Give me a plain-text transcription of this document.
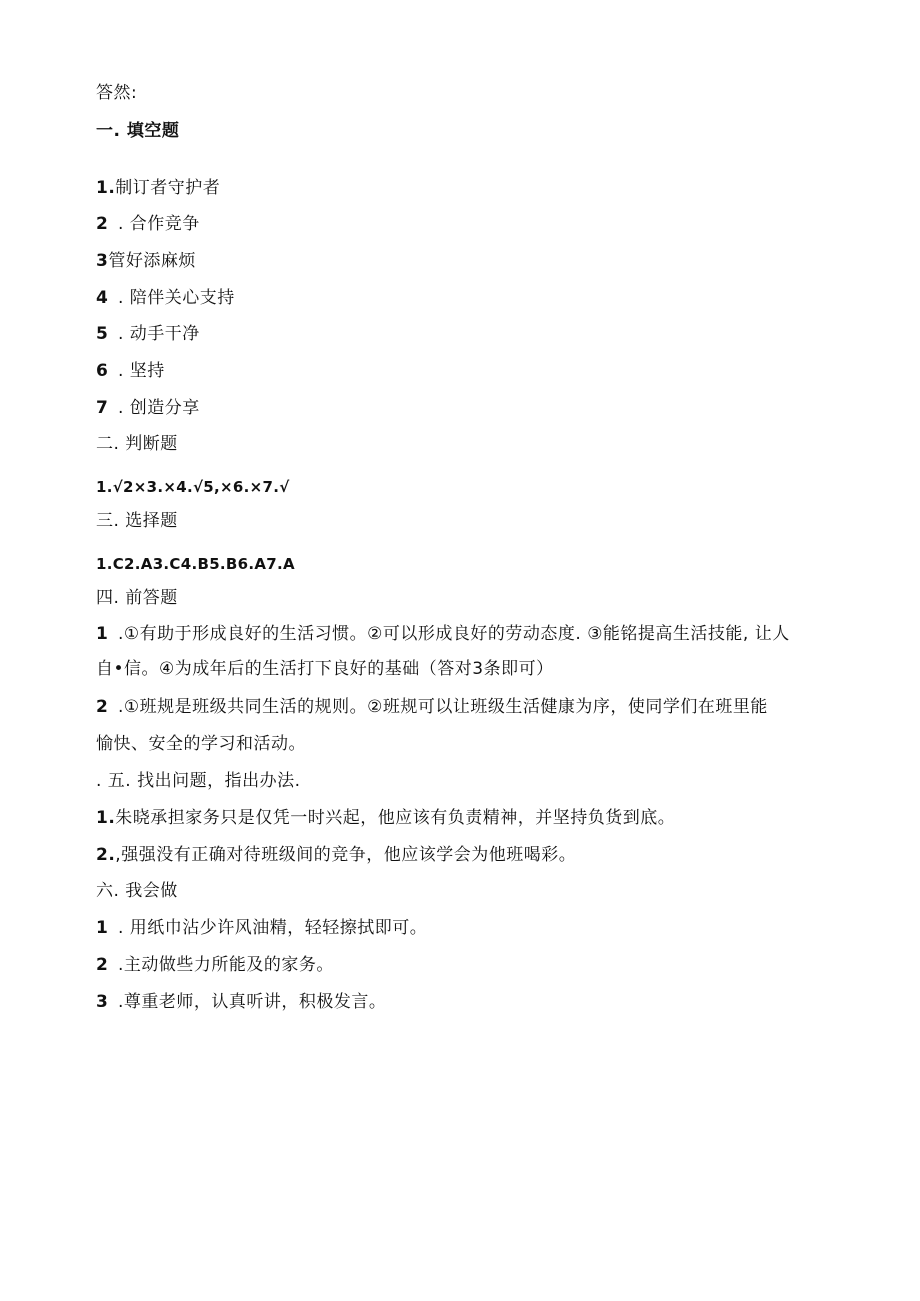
答然:
一. 填空题
1.制订者守护者
2 . 合作竞争
3管好添麻烦
4 . 陪伴关心支持
5 . 动手干净
6 . 坚持
7 . 创造分享
二. 判断题
1.√2×3.×4.√5,×6.×7.√
三. 选择题
1.C2.A3.C4.B5.B6.A7.A
四. 前答题
1 .①有助于形成良好的生活习惯。②可以形成良好的劳动态度. ③能铭提高生活技能, 让人
自•信。④为成年后的生活打下良好的基础（答对3条即可）
2 .①班规是班级共同生活的规则。②班规可以让班级生活健康为序，使同学们在班里能
愉快、安全的学习和活动。
. 五. 找出问题，指出办法.
1.朱晓承担家务只是仅凭一时兴起，他应该有负责精神，并坚持负货到底。
2.,强强没有正确对待班级间的竞争，他应该学会为他班喝彩。
六. 我会做
1 . 用纸巾沾少许风油精，轻轻擦拭即可。
2 .主动做些力所能及的家务。
3 .尊重老师，认真听讲，积极发言。
